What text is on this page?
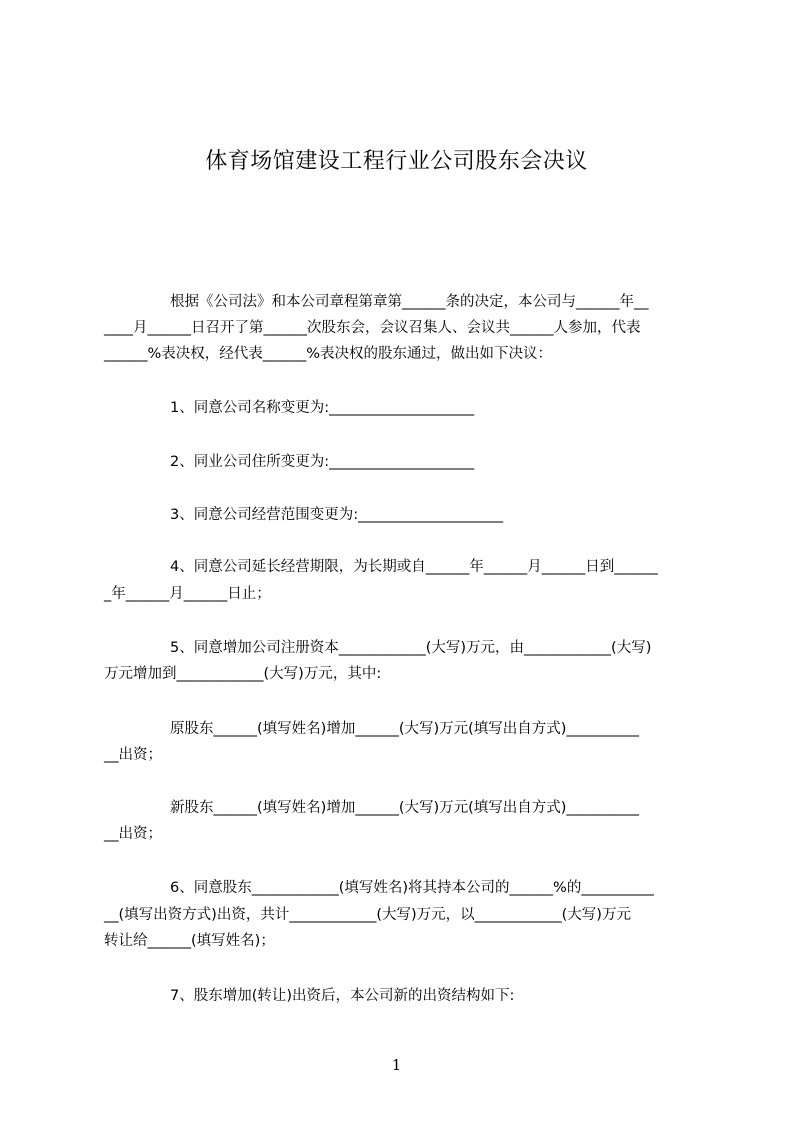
体育场馆建设工程行业公司股东会决议
根据《公司法》和本公司章程第章第______条的决定，本公司与______年__
____月______日召开了第______次股东会，会议召集人、会议共______人参加，代表
______%表决权，经代表______%表决权的股东通过，做出如下决议：
1、同意公司名称变更为:____________________
2、同业公司住所变更为:____________________
3、同意公司经营范围变更为:____________________
4、同意公司延长经营期限，为长期或自______年______月______日到______
_年______月______日止；
5、同意增加公司注册资本____________(大写)万元，由____________(大写)
万元增加到____________(大写)万元，其中:
原股东______(填写姓名)增加______(大写)万元(填写出自方式)__________
__出资；
新股东______(填写姓名)增加______(大写)万元(填写出自方式)__________
__出资；
6、同意股东____________(填写姓名)将其持本公司的______%的__________
__(填写出资方式)出资，共计____________(大写)万元，以____________(大写)万元
转让给______(填写姓名)；
7、股东增加(转让)出资后，本公司新的出资结构如下:
1
